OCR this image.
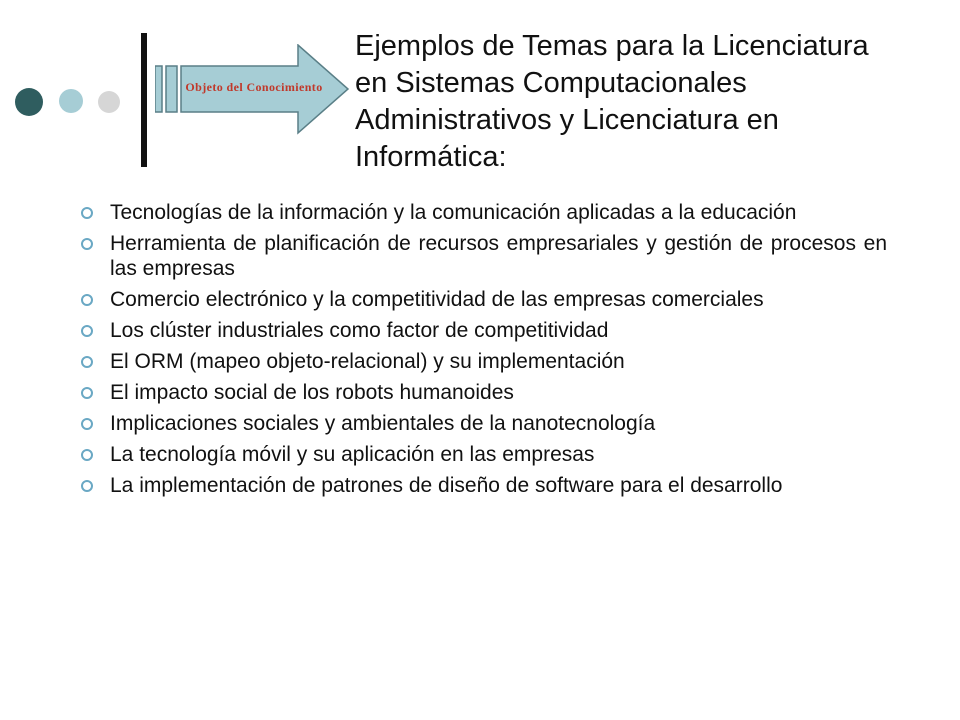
Objeto del Conocimiento
Ejemplos de Temas para la Licenciatura
en Sistemas Computacionales
Administrativos y Licenciatura en
Informática:
Tecnologías de la información y la comunicación aplicadas a la educación
Herramienta de planificación de recursos empresariales y gestión de procesos en las empresas
Comercio electrónico y la competitividad de las empresas comerciales
Los clúster industriales como factor de competitividad
El ORM (mapeo objeto-relacional) y su implementación
El impacto social de los robots humanoides
Implicaciones sociales y ambientales de la nanotecnología
La tecnología móvil y su aplicación en las empresas
La implementación de patrones de diseño de software para el desarrollo
